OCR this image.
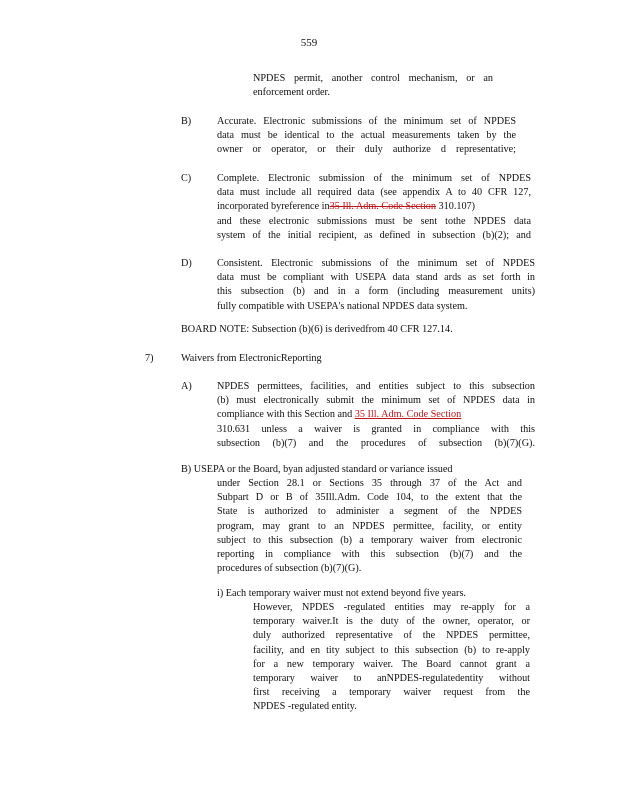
559
NPDES permit, another control mechanism, or an
enforcement order.
B)	Accurate. Electronic submissions of the minimum set of NPDES
data must be identical to the actual measurements taken by the
owner or operator, or their duly authorize d representative;
C)	Complete. Electronic submission of the minimum set of NPDES
data must include all required data (see appendix A to 40 CFR 127,
incorporated byreference in35 Ill. Adm. Code Section 310.107)
and these electronic submissions must be sent tothe NPDES data
system of the initial recipient, as defined in subsection (b)(2); and
D) Consistent. Electronic submissions of the minimum set of NPDES
data must be compliant with USEPA data stand ards as set forth in
this subsection (b) and in a form (including measurement units)
fully compatible with USEPA's national NPDES data system.
BOARD NOTE: Subsection (b)(6) is derivedfrom 40 CFR 127.14.
7)	Waivers from ElectronicReporting
A) NPDES permittees, facilities, and entities subject to this subsection
(b) must electronically submit the minimum set of NPDES data in
compliance with this Section and 35 Ill. Adm. Code Section
310.631 unless a waiver is granted in compliance with this
subsection (b)(7) and the procedures of subsection (b)(7)(G).
B) USEPA or the Board, byan adjusted standard or variance issued
under Section 28.1 or Sections 35 through 37 of the Act and
Subpart D or B of 35Ill.Adm. Code 104, to the extent that the
State is authorized to administer a segment of the NPDES
program, may grant to an NPDES permittee, facility, or entity
subject to this subsection (b) a temporary waiver from electronic
reporting in compliance with this subsection (b)(7) and the
procedures of subsection (b)(7)(G).
i) Each temporary waiver must not extend beyond five years.
However, NPDES -regulated entities may re-apply for a
temporary waiver.It is the duty of the owner, operator, or
duly authorized representative of the NPDES permittee,
facility, and en tity subject to this subsection (b) to re-apply
for a new temporary waiver. The Board cannot grant a
temporary waiver to anNPDES-regulatedentity without
first receiving a temporary waiver request from the
NPDES -regulated entity.
